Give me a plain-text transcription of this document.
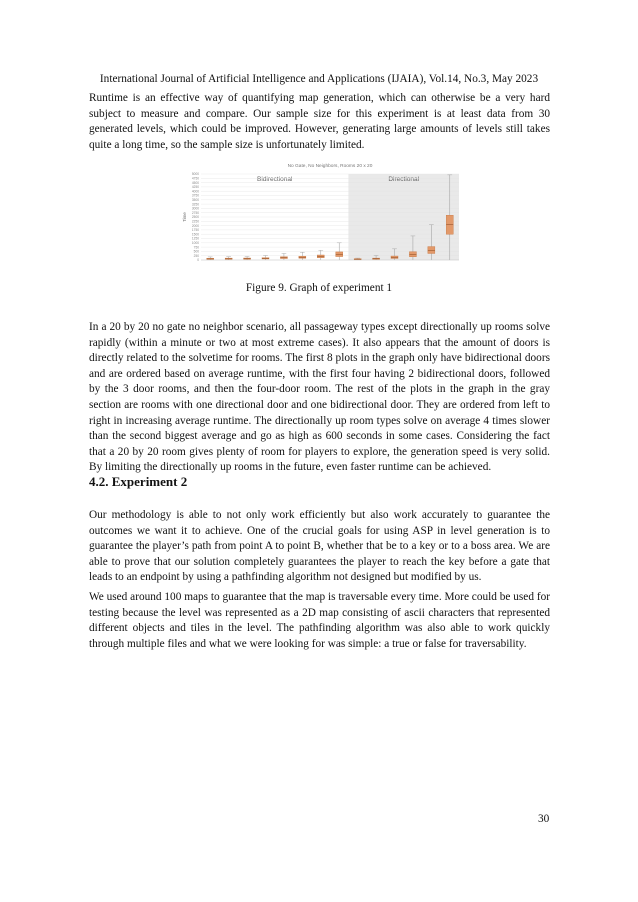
International Journal of Artificial Intelligence and Applications (IJAIA), Vol.14, No.3, May 2023

Runtime is an effective way of quantifying map generation, which can otherwise be a very hard subject to measure and compare. Our sample size for this experiment is at least data from 30 generated levels, which could be improved. However, generating large amounts of levels still takes quite a long time, so the sample size is unfortunately limited.

Bidirectional	Directional
0
250
500
750
1000
1250
1500
1750
2000
2250
2500
2750
3000
3250
3500
3750
4000
4250
4500
4750
5000
No Gate, No Neighbors, Rooms 20 x 20
Time
Figure 9. Graph of experiment 1

In a 20 by 20 no gate no neighbor scenario, all passageway types except directionally up rooms solve rapidly (within a minute or two at most extreme cases). It also appears that the amount of doors is directly related to the solvetime for rooms. The first 8 plots in the graph only have bidirectional doors and are ordered based on average runtime, with the first four having 2 bidirectional doors, followed by the 3 door rooms, and then the four-door room. The rest of the plots in the graph in the gray section are rooms with one directional door and one bidirectional door. They are ordered from left to right in increasing average runtime. The directionally up room types solve on average 4 times slower than the second biggest average and go as high as 600 seconds in some cases. Considering the fact that a 20 by 20 room gives plenty of room for players to explore, the generation speed is very solid. By limiting the directionally up rooms in the future, even faster runtime can be achieved.

4.2. Experiment 2

Our methodology is able to not only work efficiently but also work accurately to guarantee the outcomes we want it to achieve. One of the crucial goals for using ASP in level generation is to guarantee the player’s path from point A to point B, whether that be to a key or to a boss area. We are able to prove that our solution completely guarantees the player to reach the key before a gate that leads to an endpoint by using a pathfinding algorithm not designed but modified by us.

We used around 100 maps to guarantee that the map is traversable every time. More could be used for testing because the level was represented as a 2D map consisting of ascii characters that represented different objects and tiles in the level. The pathfinding algorithm was also able to work quickly through multiple files and what we were looking for was simple: a true or false for traversability.

30
